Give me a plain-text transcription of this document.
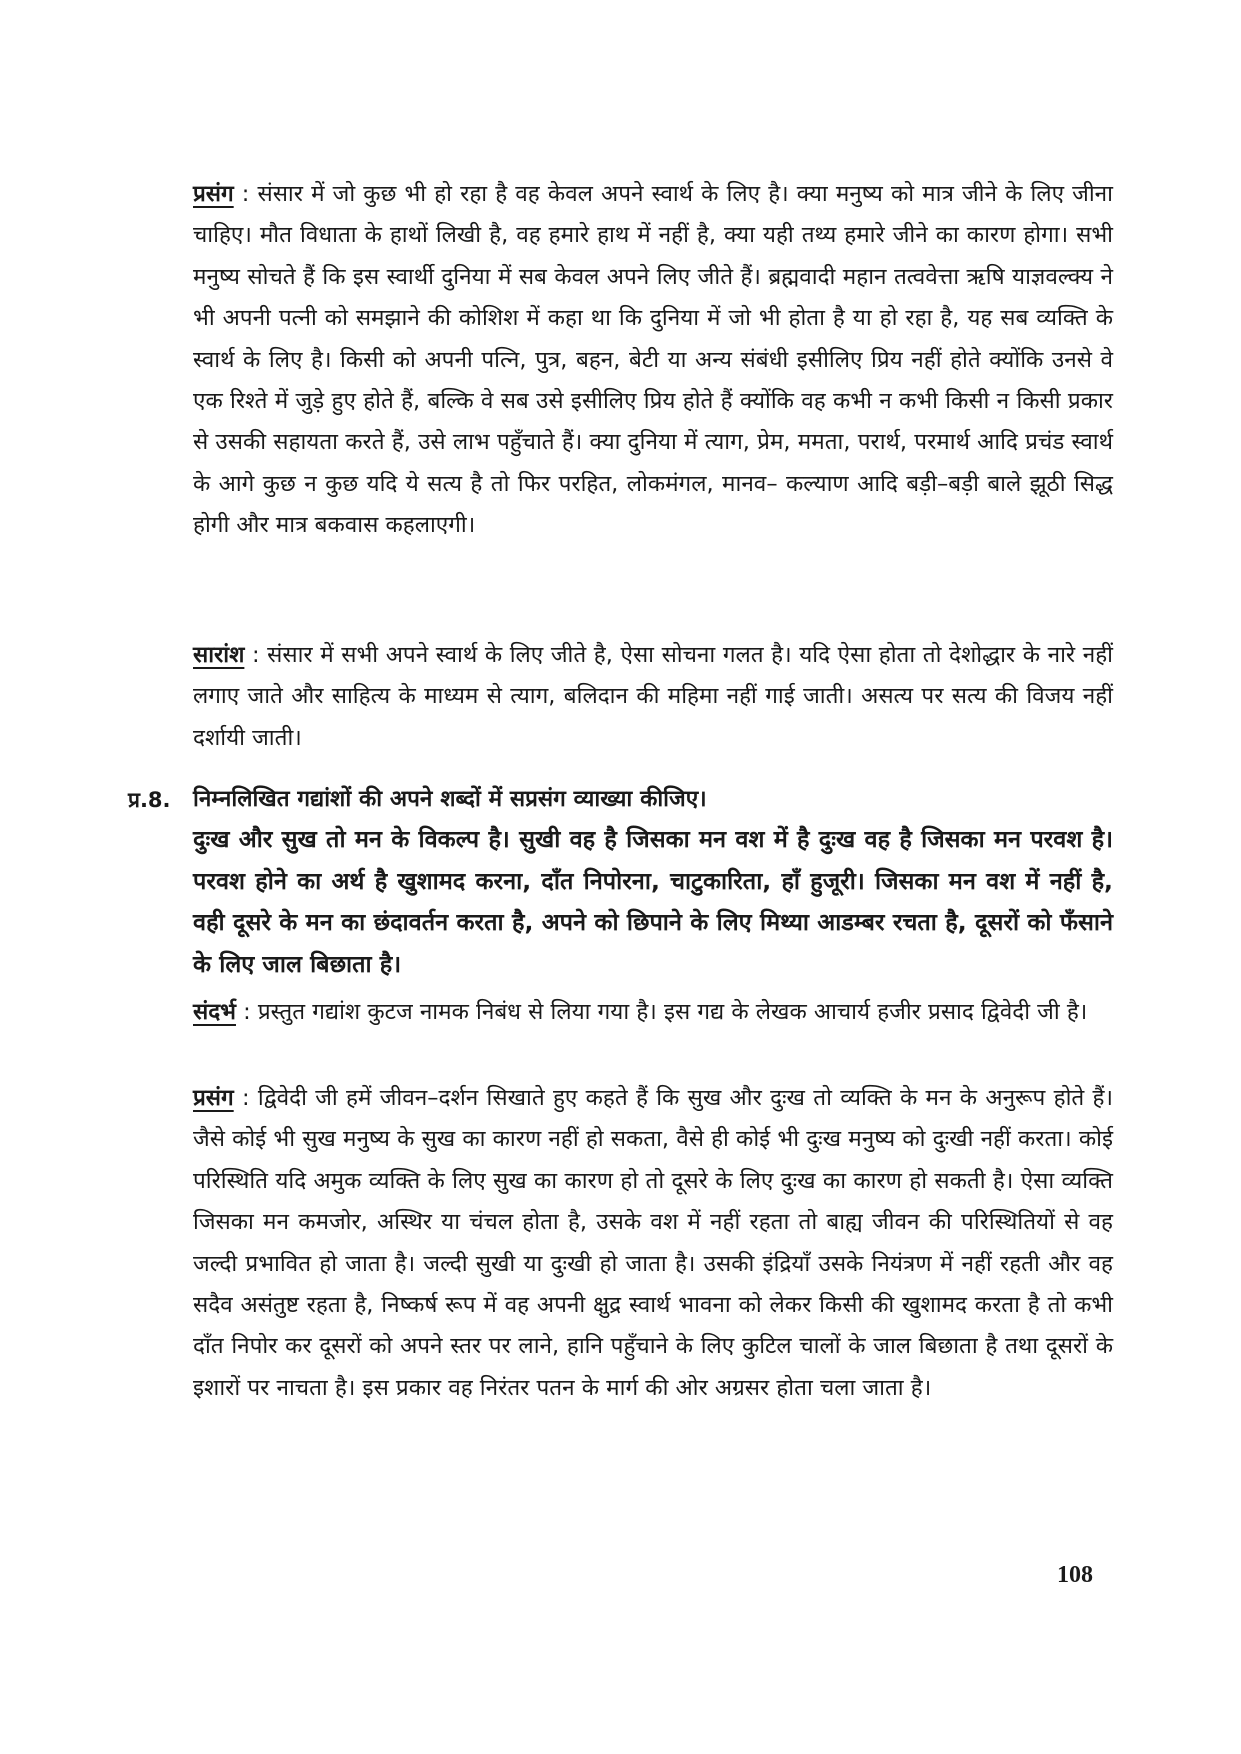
प्रसंग : संसार में जो कुछ भी हो रहा है वह केवल अपने स्वार्थ के लिए है। क्या मनुष्य को मात्र जीने के लिए जीना चाहिए। मौत विधाता के हाथों लिखी है, वह हमारे हाथ में नहीं है, क्या यही तथ्य हमारे जीने का कारण होगा। सभी मनुष्य सोचते हैं कि इस स्वार्थी दुनिया में सब केवल अपने लिए जीते हैं। ब्रह्मवादी महान तत्ववेत्ता ऋषि याज्ञवल्क्य ने भी अपनी पत्नी को समझाने की कोशिश में कहा था कि दुनिया में जो भी होता है या हो रहा है, यह सब व्यक्ति के स्वार्थ के लिए है। किसी को अपनी पत्नि, पुत्र, बहन, बेटी या अन्य संबंधी इसीलिए प्रिय नहीं होते क्योंकि उनसे वे एक रिश्ते में जुड़े हुए होते हैं, बल्कि वे सब उसे इसीलिए प्रिय होते हैं क्योंकि वह कभी न कभी किसी न किसी प्रकार से उसकी सहायता करते हैं, उसे लाभ पहुँचाते हैं। क्या दुनिया में त्याग, प्रेम, ममता, परार्थ, परमार्थ आदि प्रचंड स्वार्थ के आगे कुछ न कुछ यदि ये सत्य है तो फिर परहित, लोकमंगल, मानव– कल्याण आदि बड़ी–बड़ी बाले झूठी सिद्ध होगी और मात्र बकवास कहलाएगी।

सारांश : संसार में सभी अपने स्वार्थ के लिए जीते है, ऐसा सोचना गलत है। यदि ऐसा होता तो देशोद्धार के नारे नहीं लगाए जाते और साहित्य के माध्यम से त्याग, बलिदान की महिमा नहीं गाई जाती। असत्य पर सत्य की विजय नहीं दर्शायी जाती।

प्र.8. निम्नलिखित गद्यांशों की अपने शब्दों में सप्रसंग व्याख्या कीजिए।

दुःख और सुख तो मन के विकल्प है। सुखी वह है जिसका मन वश में है दुःख वह है जिसका मन परवश है। परवश होने का अर्थ है खुशामद करना, दाँत निपोरना, चाटुकारिता, हाँ हुजूरी। जिसका मन वश में नहीं है, वही दूसरे के मन का छंदावर्तन करता है, अपने को छिपाने के लिए मिथ्या आडम्बर रचता है, दूसरों को फँसाने के लिए जाल बिछाता है।

संदर्भ : प्रस्तुत गद्यांश कुटज नामक निबंध से लिया गया है। इस गद्य के लेखक आचार्य हजीर प्रसाद द्विवेदी जी है।

प्रसंग : द्विवेदी जी हमें जीवन–दर्शन सिखाते हुए कहते हैं कि सुख और दुःख तो व्यक्ति के मन के अनुरूप होते हैं। जैसे कोई भी सुख मनुष्य के सुख का कारण नहीं हो सकता, वैसे ही कोई भी दुःख मनुष्य को दुःखी नहीं करता। कोई परिस्थिति यदि अमुक व्यक्ति के लिए सुख का कारण हो तो दूसरे के लिए दुःख का कारण हो सकती है। ऐसा व्यक्ति जिसका मन कमजोर, अस्थिर या चंचल होता है, उसके वश में नहीं रहता तो बाह्य जीवन की परिस्थितियों से वह जल्दी प्रभावित हो जाता है। जल्दी सुखी या दुःखी हो जाता है। उसकी इंद्रियाँ उसके नियंत्रण में नहीं रहती और वह सदैव असंतुष्ट रहता है, निष्कर्ष रूप में वह अपनी क्षुद्र स्वार्थ भावना को लेकर किसी की खुशामद करता है तो कभी दाँत निपोर कर दूसरों को अपने स्तर पर लाने, हानि पहुँचाने के लिए कुटिल चालों के जाल बिछाता है तथा दूसरों के इशारों पर नाचता है। इस प्रकार वह निरंतर पतन के मार्ग की ओर अग्रसर होता चला जाता है।

108
